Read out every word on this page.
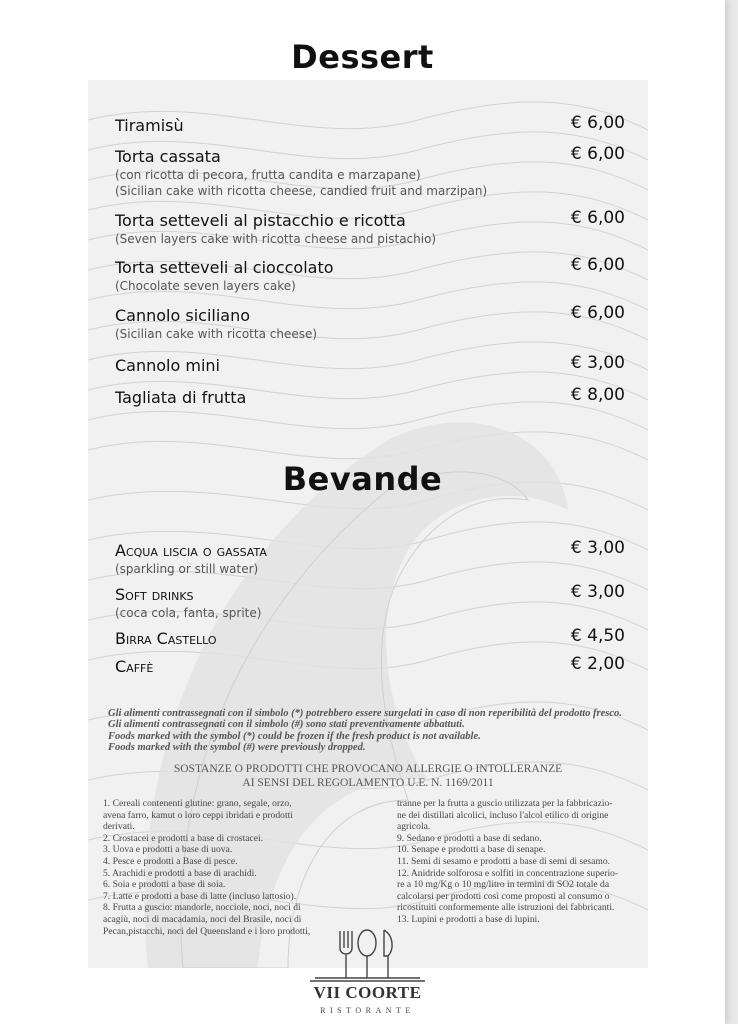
Dessert
Tiramisù	€ 6,00
Torta cassata	€ 6,00
(con ricotta di pecora, frutta candita e marzapane)
(Sicilian cake with ricotta cheese, candied fruit and marzipan)
Torta setteveli al pistacchio e ricotta	€ 6,00
(Seven layers cake with ricotta cheese and pistachio)
Torta setteveli al cioccolato	€ 6,00
(Chocolate seven layers cake)
Cannolo siciliano	€ 6,00
(Sicilian cake with ricotta cheese)
Cannolo mini	€ 3,00
Tagliata di frutta	€ 8,00
Bevande
Acqua liscia o gassata	€ 3,00
(sparkling or still water)
Soft drinks	€ 3,00
(coca cola, fanta, sprite)
Birra Castello	€ 4,50
Caffè	€ 2,00
Gli alimenti contrassegnati con il simbolo (*) potrebbero essere surgelati in caso di non reperibilità del prodotto fresco.
Gli alimenti contrassegnati con il simbolo (#) sono stati preventivamente abbattuti.
Foods marked with the symbol (*) could be frozen if the fresh product is not available.
Foods marked with the symbol (#) were previously dropped.
SOSTANZE O PRODOTTI CHE PROVOCANO ALLERGIE O INTOLLERANZE
AI SENSI DEL REGOLAMENTO U.E. N. 1169/2011
1. Cereali contenenti glutine: grano, segale, orzo,
avena farro, kamut o loro ceppi ibridati e prodotti
derivati.
2. Crostacei e prodotti a base di crostacei.
3. Uova e prodotti a base di uova.
4. Pesce e prodotti a Base di pesce.
5. Arachidi e prodotti a base di arachidi.
6. Soia e prodotti a base di soia.
7. Latte e prodotti a base di latte (incluso lattosio).
8. Frutta a guscio: mandorle, nocciole, noci, noci di
acagiù, noci di macadamia, noci del Brasile, noci di
Pecan,pistacchi, noci del Queensland e i loro prodotti,
tranne per la frutta a guscio utilizzata per la fabbricazio-
ne dei distillati alcolici, incluso l'alcol etilico di origine
agricola.
9. Sedano e prodotti a base di sedano.
10. Senape e prodotti a base di senape.
11. Semi di sesamo e prodotti a base di semi di sesamo.
12. Anidride solforosa e solfiti in concentrazione superio-
re a 10 mg/Kg o 10 mg/litro in termini di SO2 totale da
calcolarsi per prodotti così come proposti al consumo o
ricostituiti conformemente alle istruzioni dei fabbricanti.
13. Lupini e prodotti a base di lupini.
VII COORTE
RISTORANTE
